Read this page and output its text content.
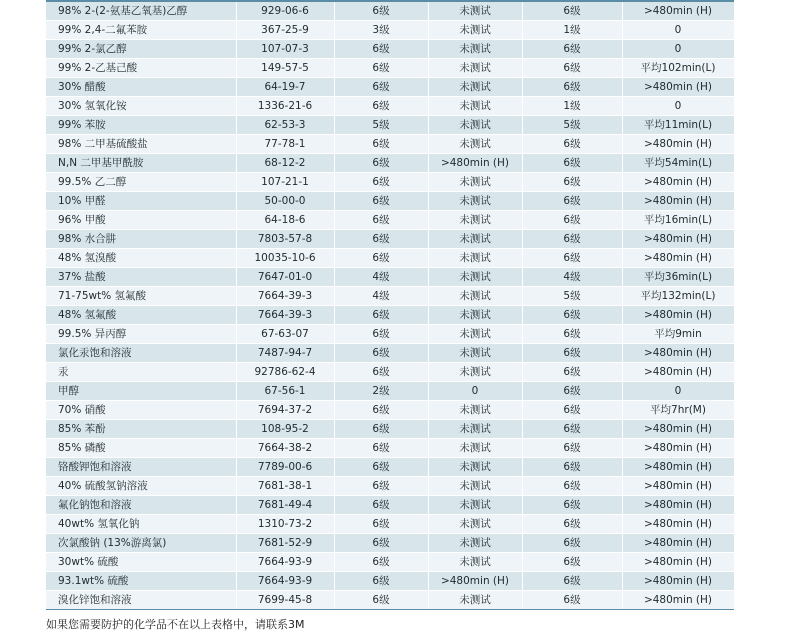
98% 2-(2-氨基乙氧基)乙醇	929-06-6	6级	未测试	6级	>480min (H)
99% 2,4-二氟苯胺	367-25-9	3级	未测试	1级	0
99% 2-氯乙醇	107-07-3	6级	未测试	6级	0
99% 2-乙基己酸	149-57-5	6级	未测试	6级	平均102min(L)
30% 醋酸	64-19-7	6级	未测试	6级	>480min (H)
30% 氢氧化铵	1336-21-6	6级	未测试	1级	0
99% 苯胺	62-53-3	5级	未测试	5级	平均11min(L)
98% 二甲基硫酸盐	77-78-1	6级	未测试	6级	>480min (H)
N,N 二甲基甲酰胺	68-12-2	6级	>480min (H)	6级	平均54min(L)
99.5% 乙二醇	107-21-1	6级	未测试	6级	>480min (H)
10% 甲醛	50-00-0	6级	未测试	6级	>480min (H)
96% 甲酸	64-18-6	6级	未测试	6级	平均16min(L)
98% 水合肼	7803-57-8	6级	未测试	6级	>480min (H)
48% 氢溴酸	10035-10-6	6级	未测试	6级	>480min (H)
37% 盐酸	7647-01-0	4级	未测试	4级	平均36min(L)
71-75wt% 氢氟酸	7664-39-3	4级	未测试	5级	平均132min(L)
48% 氢氟酸	7664-39-3	6级	未测试	6级	>480min (H)
99.5% 异丙醇	67-63-07	6级	未测试	6级	平均9min
氯化汞饱和溶液	7487-94-7	6级	未测试	6级	>480min (H)
汞	92786-62-4	6级	未测试	6级	>480min (H)
甲醇	67-56-1	2级	0	6级	0
70% 硝酸	7694-37-2	6级	未测试	6级	平均7hr(M)
85% 苯酚	108-95-2	6级	未测试	6级	>480min (H)
85% 磷酸	7664-38-2	6级	未测试	6级	>480min (H)
铬酸钾饱和溶液	7789-00-6	6级	未测试	6级	>480min (H)
40% 硫酸氢钠溶液	7681-38-1	6级	未测试	6级	>480min (H)
氟化钠饱和溶液	7681-49-4	6级	未测试	6级	>480min (H)
40wt% 氢氧化钠	1310-73-2	6级	未测试	6级	>480min (H)
次氯酸钠 (13%游离氯)	7681-52-9	6级	未测试	6级	>480min (H)
30wt% 硫酸	7664-93-9	6级	未测试	6级	>480min (H)
93.1wt% 硫酸	7664-93-9	6级	>480min (H)	6级	>480min (H)
溴化锌饱和溶液	7699-45-8	6级	未测试	6级	>480min (H)
如果您需要防护的化学品不在以上表格中，请联系3M
